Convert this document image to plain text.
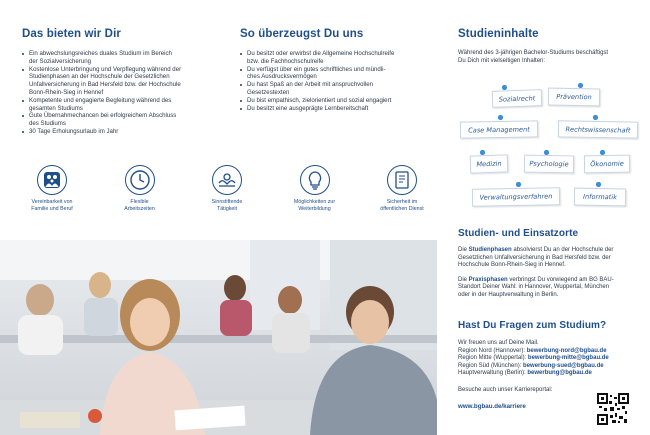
Das bieten wir Dir
Ein abwechslungsreiches duales Studium im Bereich
der Sozialversicherung
Kostenlose Unterbringung und Verpflegung während der
Studienphasen an der Hochschule der Gesetzlichen
Unfallversicherung in Bad Hersfeld bzw. der Hochschule
Bonn-Rhein-Sieg in Hennef
Kompetente und engagierte Begleitung während des
gesamten Studiums
Gute Übernahmechancen bei erfolgreichem Abschluss
des Studiums
30 Tage Erholungsurlaub im Jahr
So überzeugst Du uns
Du besitzt oder erwirbst die Allgemeine Hochschulreife
bzw. die Fachhochschulreife
Du verfügst über ein gutes schriftliches und mündli-
ches Ausdrucksvermögen
Du hast Spaß an der Arbeit mit anspruchvollen
Gesetzestexten
Du bist empathisch, zielorientiert und sozial engagiert
Du besitzt eine ausgeprägte Lernbereitschaft
Vereinbarkeit von
Familie und Beruf
Flexible
Arbeitszeiten
Sinnstiftende
Tätigkeit
Möglichkeiten zur
Weiterbildung
Sicherheit im
öffentlichen Dienst
Studieninhalte

Während des 3-jährigen Bachelor-Studiums beschäftigst

Du Dich mit vielseitigen Inhalten:

Sozialrecht	Prävention
Case Management	Rechtswissenschaft
Medizin	Psychologie	Ökonomie
Verwaltungsverfahren	Informatik
Studien- und Einsatzorte

Die Studienphasen absolvierst Du an der Hochschule der

Gesetzlichen Unfallversicherung in Bad Hersfeld bzw. der

Hochschule Bonn-Rhein-Sieg in Hennef.

Die Praxisphasen verbringst Du vorwiegend am BG BAU-

Standort Deiner Wahl: in Hannover, Wuppertal, München

oder in der Hauptverwaltung in Berlin.

Hast Du Fragen zum Studium?

Wir freuen uns auf Deine Mail.

Region Nord (Hannover): bewerbung-nord@bgbau.de

Region Mitte (Wuppertal): bewerbung-mitte@bgbau.de

Region Süd (München): bewerbung-sued@bgbau.de

Hauptverwaltung (Berlin): bewerbung@bgbau.de

Besuche auch unser Karriereportal:

www.bgbau.de/karriere
